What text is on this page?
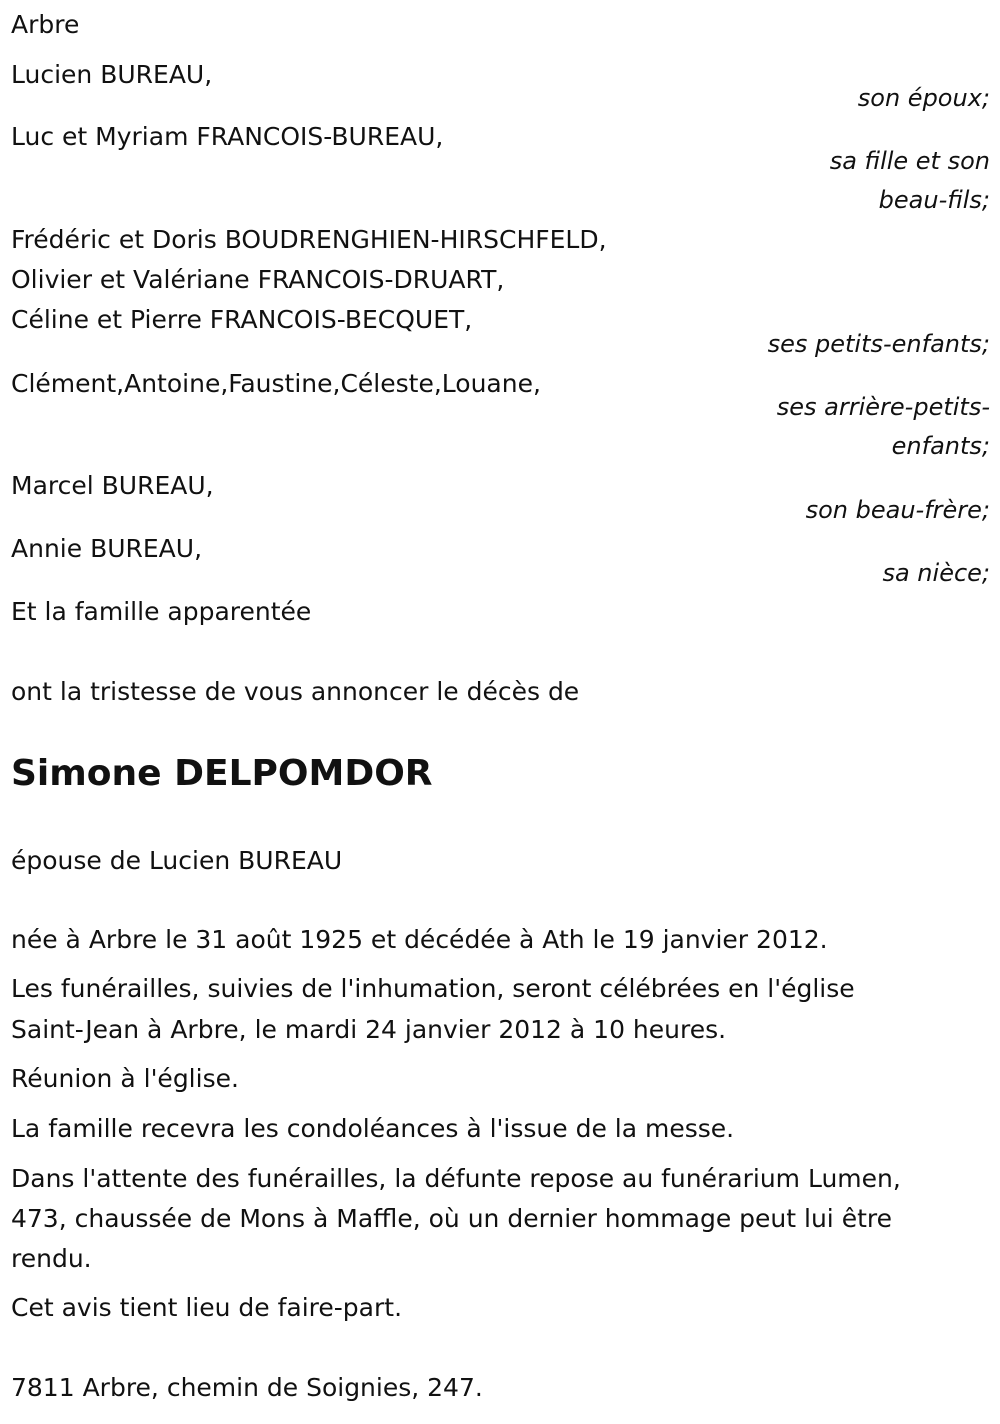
Arbre

Lucien BUREAU,

son époux;

Luc et Myriam FRANCOIS-BUREAU,

sa fille et son

beau-fils;

Frédéric et Doris BOUDRENGHIEN-HIRSCHFELD,

Olivier et Valériane FRANCOIS-DRUART,

Céline et Pierre FRANCOIS-BECQUET,

ses petits-enfants;

Clément,Antoine,Faustine,Céleste,Louane,

ses arrière-petits-

enfants;

Marcel BUREAU,

son beau-frère;

Annie BUREAU,

sa nièce;

Et la famille apparentée

ont la tristesse de vous annoncer le décès de

Simone DELPOMDOR

épouse de Lucien BUREAU

née à Arbre le 31 août 1925 et décédée à Ath le 19 janvier 2012.

Les funérailles, suivies de l'inhumation, seront célébrées en l'église

Saint-Jean à Arbre, le mardi 24 janvier 2012 à 10 heures.

Réunion à l'église.

La famille recevra les condoléances à l'issue de la messe.

Dans l'attente des funérailles, la défunte repose au funérarium Lumen,

473, chaussée de Mons à Maffle, où un dernier hommage peut lui être

rendu.

Cet avis tient lieu de faire-part.

7811 Arbre, chemin de Soignies, 247.
